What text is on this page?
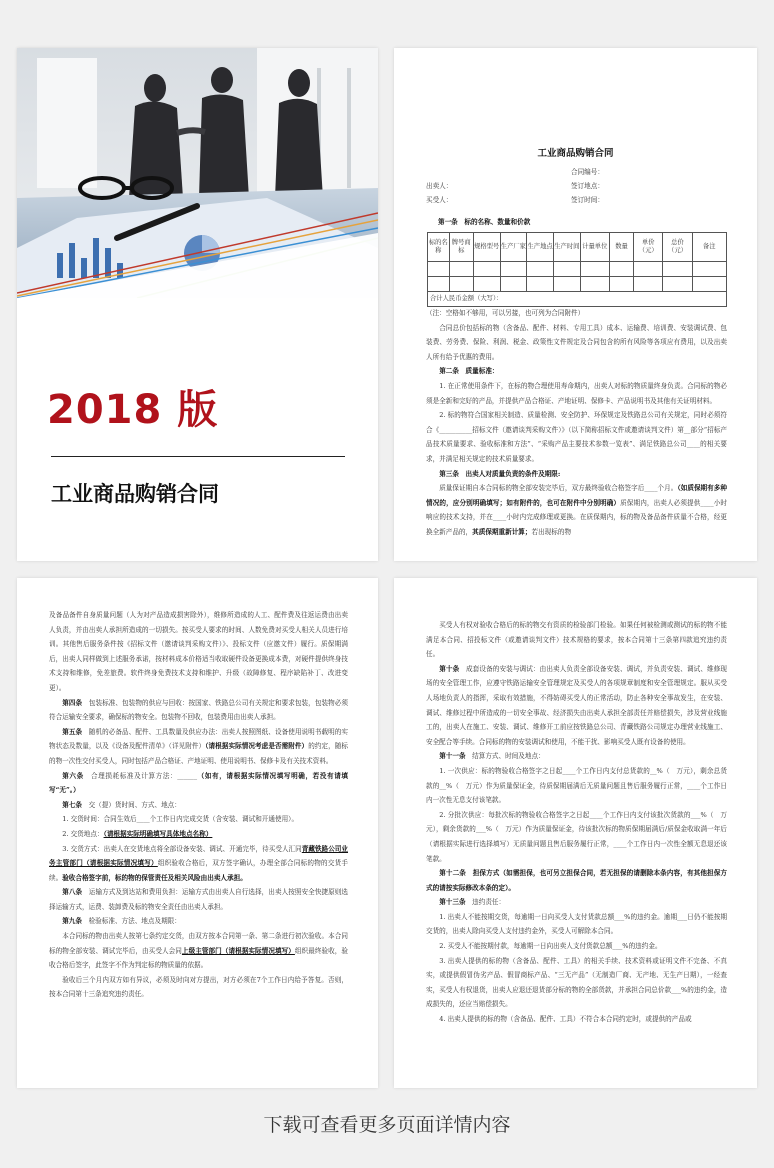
2018 版
工业商品购销合同
工业商品购销合同
合同编号：
出卖人：	签订地点：
买受人：	签订时间：
第一条　标的名称、数量和价款
标的名称	牌号商标	规格型号	生产厂家	生产地点	生产时间	计量单位	数量	单价（元）	总价（元）	备注

合计人民币金额（大写）：										

（注：空格如不够用，可以另接，也可列为合同附件）

合同总价包括标的物（含备品、配件、材料、专用工具）成本、运输费、培训费、安装调试费、包装费、劳务费、保险、利润、税金、政策性文件规定及合同包含的所有风险等各项应有费用，以及出卖人所有给予优惠的费用。

第二条　质量标准：

1. 在正常使用条件下，在标的物合理使用寿命期内，出卖人对标的物质量终身负责。合同标的物必须是全新和完好的产品，并提供产品合格证、产地证明、保修卡、产品说明书及其他有关证明材料。

2. 标的物符合国家相关制造、质量检测、安全防护、环保规定及铁路总公司有关规定，同时必须符合《__________招标文件（邀请谈判采购文件）》（以下简称招标文件或邀请谈判文件）第__部分“招标产品技术质量要求、验收标准和方法”、“采购产品主要技术参数一览表”、满足铁路总公司____的相关要求，并满足相关规定的技术质量要求。

第三条　出卖人对质量负责的条件及期限:

质量保证期自本合同标的物全部安装完毕后，双方最终验收合格签字后____个月。（如质保期有多种情况的，应分别明确填写；如有附件的，也可在附件中分别明确）质保期内，出卖人必须提供____小时响应的技术支持，并在____小时内完成修理或更换。在质保期内，标的物及备品备件质量不合格，经更换全新产品的，其质保期重新计算；若出现标的物

及备品备件自身质量问题（人为对产品造成损害除外），维修所造成的人工、配件费及往返运费由出卖人负责，并由出卖人承担所造成的一切损失。按买受人要求的时间、人数免费对买受人相关人员进行培训。其他售后服务条件按《招标文件（邀请谈判采购文件）》、投标文件（应邀文件）履行。质保期满后，出卖人同样做到上述服务承诺，按材料成本价格适当收取硬件设备更换成本费，对硬件提供终身技术支持和维修，免差旅费。软件终身免费技术支持和维护、升级（故障修复、程序缺陷补丁、改进变更）。

第四条　 包装标准、包装物的供应与回收：按国家、铁路总公司有关规定和要求包装，包装物必须符合运输安全要求，确保标的物安全。包装物不回收，包装费用由出卖人承担。

第五条　 随机的必备品、配件、工具数量及供应办法：出卖人按照图纸、设备使用说明书载明的实物状态及数量，以及《设备及配件清单》（详见附件）（请根据实际情况考虑是否需附件）的约定，随标的物一次性交付买受人，同时包括产品合格证、产地证明、使用说明书、保修卡及有关技术资料。

第六条　 合理损耗标准及计算方法：______（如有，请根据实际情况填写明确，若没有请填写“无”。）

第七条　 交（提）货时间、方式、地点：

1. 交货时间：合同生效后____个工作日内完成交货（含安装、调试和开通使用）。

2. 交货地点：（请根据实际明确填写具体地点名称）

3. 交货方式：出卖人在交货地点将全部设备安装、调试、开通完毕，待买受人汇同青藏铁路公司业务主管部门（请根据实际情况填写）组织验收合格后，双方签字确认，办理全部合同标的物的交货手续。验收合格签字前，标的物的保管责任及相关风险由出卖人承担。

第八条　 运输方式及到达站和费用负担：运输方式由出卖人自行选择，出卖人按照安全快捷原则选择运输方式，运费、装卸费及标的物安全责任由出卖人承担。

第九条　 检验标准、方法、地点及期限：

本合同标的物由出卖人按第七条约定交货，由双方按本合同第一条、第二条进行初次验收。本合同标的物全部安装、调试完毕后，由买受人会同上级主管部门（请根据实际情况填写）组织最终验收，验收合格后签字，此签字不作为判定标的物质量的依据。

验收后三个月内双方如有异议，必须及时向对方提出，对方必须在7个工作日内给予答复。否则，按本合同第十三条追究违约责任。

买受人有权对验收合格后的标的物交有资质的检验部门检验。如果任何被检测或测试的标的物不能满足本合同、招投标文件（或邀请谈判文件）技术规格的要求，按本合同第十三条第四款追究违约责任。

第十条　 成套设备的安装与调试：由出卖人负责全部设备安装、调试，并负责安装、调试、维修现场的安全管理工作，应遵守铁路运输安全管理规定及买受人的各项规章制度和安全管理规定。服从买受人场地负责人的指挥，采取有效措施，不得妨碍买受人的正常活动，防止各种安全事故发生，在安装、调试、维修过程中所造成的一切安全事故、经济损失由出卖人承担全部责任并赔偿损失，涉及营业线施工的，出卖人在施工、安装、调试、维修开工前应按铁路总公司、青藏铁路公司规定办理营业线施工、安全配合等手续。合同标的物的安装调试和使用，不能干扰、影响买受人既有设备的使用。

第十一条　 结算方式、时间及地点：

1. 一次供应：标的物验收合格签字之日起____个工作日内支付总货款的__%（　万元），剩余总货款的__%（　万元）作为质量保证金，待质保期届满后无质量问题且售后服务履行正常，____个工作日内一次性无息支付该笔款。

2. 分批次供应：每批次标的物验收合格签字之日起____个工作日内支付该批次货款的___%（　万元），剩余货款的___%（　万元）作为质量保证金，待该批次标的物质保期届满后/质保金收取满一年后（请根据实际进行选择填写）无质量问题且售后服务履行正常，____个工作日内一次性全额无息退还该笔款。

第十二条　 担保方式（如需担保，也可另立担保合同，若无担保的请删除本条内容，有其他担保方式的请按实际修改本条的定）。

第十三条　 违约责任：

1. 出卖人不能按期交货，每逾期一日向买受人支付货款总额___%的违约金。逾期___日仍不能按期交货的，出卖人除向买受人支付违约金外，买受人可解除本合同。

2. 买受人不能按期付款，每逾期一日向出卖人支付货款总额___%的违约金。

3. 出卖人提供的标的物（含备品、配件、工具）的相关手续、技术资料或证明文件不完备、不真实，或提供假冒伪劣产品、假冒商标产品、“三无产品”（无制造厂商、无产地、无生产日期），一经查实，买受人有权退货，出卖人应退还退货部分标的物的全部货款，并承担合同总价款___%的违约金，造成损失的，还应当赔偿损失。

4. 出卖人提供的标的物（含备品、配件、工具）不符合本合同约定时，或提供的产品或

下载可查看更多页面详情内容
